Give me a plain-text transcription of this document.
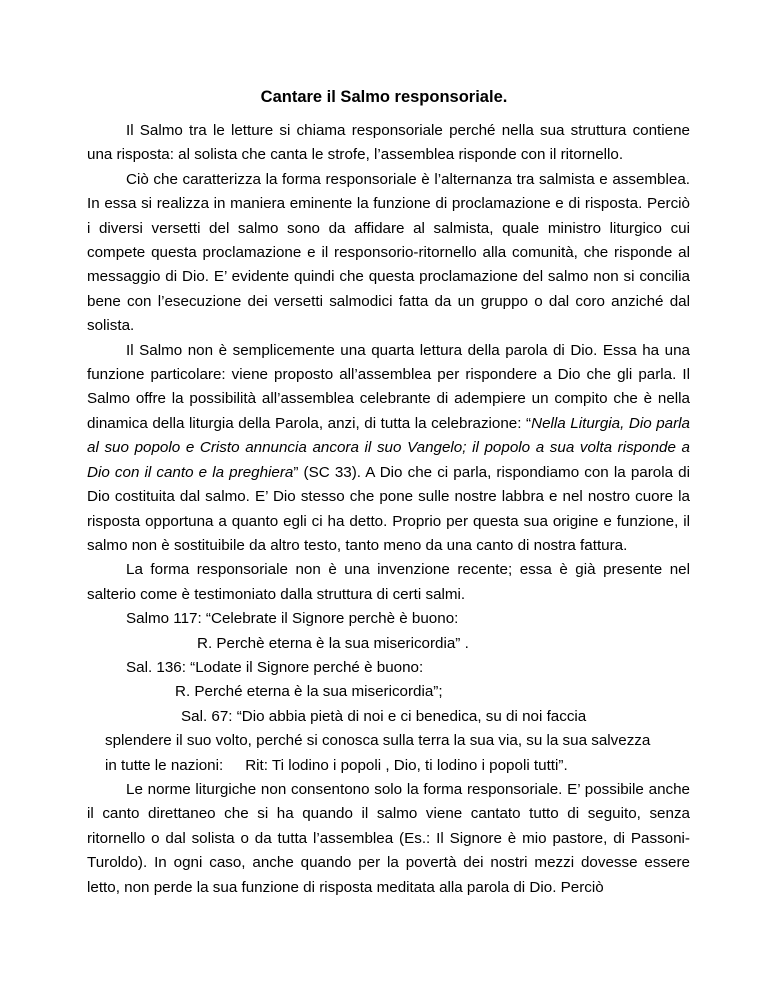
Cantare il Salmo responsoriale.

Il Salmo tra le letture si chiama responsoriale perché nella sua struttura contiene una risposta: al solista che canta le strofe, l’assemblea risponde con il ritornello.

Ciò che caratterizza la forma responsoriale è l’alternanza tra salmista e assemblea. In essa si realizza in maniera eminente la funzione di proclamazione e di risposta. Perciò i diversi versetti del salmo sono da affidare al salmista, quale ministro liturgico cui compete questa proclamazione e il responsorio-ritornello alla comunità, che risponde al messaggio di Dio. E’ evidente quindi che questa proclamazione del salmo non si concilia bene con l’esecuzione dei versetti salmodici fatta da un gruppo o dal coro anziché dal solista.

Il Salmo non è semplicemente una quarta lettura della parola di Dio. Essa ha una funzione particolare: viene proposto all’assemblea per rispondere a Dio che gli parla. Il Salmo offre la possibilità all’assemblea celebrante di adempiere un compito che è nella dinamica della liturgia della Parola, anzi, di tutta la celebrazione: “Nella Liturgia, Dio parla al suo popolo e Cristo annuncia ancora il suo Vangelo; il popolo a sua volta risponde a Dio con il canto e la preghiera” (SC 33). A Dio che ci parla, rispondiamo con la parola di Dio costituita dal salmo. E’ Dio stesso che pone sulle nostre labbra e nel nostro cuore la risposta opportuna a quanto egli ci ha detto. Proprio per questa sua origine e funzione, il salmo non è sostituibile da altro testo, tanto meno da una canto di nostra fattura.

La forma responsoriale non è una invenzione recente; essa è già presente nel salterio come è testimoniato dalla struttura di certi salmi.

Salmo 117: “Celebrate il Signore perchè è buono:
R. Perchè eterna è la sua misericordia” .
Sal. 136: “Lodate il Signore perché è buono:
R. Perché eterna è la sua misericordia”;
Sal. 67: “Dio abbia pietà di noi e ci benedica, su di noi faccia
splendere il suo volto, perché si conosca sulla terra la sua via, su la sua salvezza
in tutte le nazioni: Rit: Ti lodino i popoli , Dio, ti lodino i popoli tutti”.

Le norme liturgiche non consentono solo la forma responsoriale. E’ possibile anche il canto direttaneo che si ha quando il salmo viene cantato tutto di seguito, senza ritornello o dal solista o da tutta l’assemblea (Es.: Il Signore è mio pastore, di Passoni-Turoldo). In ogni caso, anche quando per la povertà dei nostri mezzi dovesse essere letto, non perde la sua funzione di risposta meditata alla parola di Dio. Perciò
